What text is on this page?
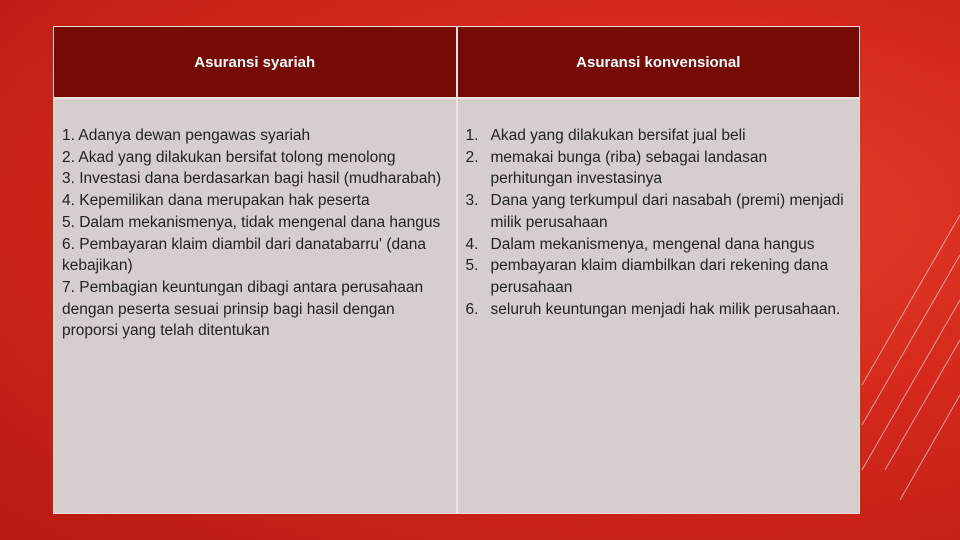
Asuransi syariah	Asuransi konvensional

1. Adanya dewan pengawas syariah

2. Akad yang dilakukan bersifat tolong menolong

3. Investasi dana berdasarkan bagi hasil (mudharabah)

4. Kepemilikan dana merupakan hak peserta

5. Dalam mekanismenya, tidak mengenal dana hangus

6. Pembayaran klaim diambil dari danatabarru' (dana kebajikan)

7. Pembagian keuntungan dibagi antara perusahaan dengan peserta sesuai prinsip bagi hasil dengan proporsi yang telah ditentukan

1. Akad yang dilakukan bersifat jual beli
2. memakai bunga (riba) sebagai landasan perhitungan investasinya
3. Dana yang terkumpul dari nasabah (premi) menjadi milik perusahaan
4. Dalam mekanismenya, mengenal dana hangus
5. pembayaran klaim diambilkan dari rekening dana perusahaan
6. seluruh keuntungan menjadi hak milik perusahaan.
